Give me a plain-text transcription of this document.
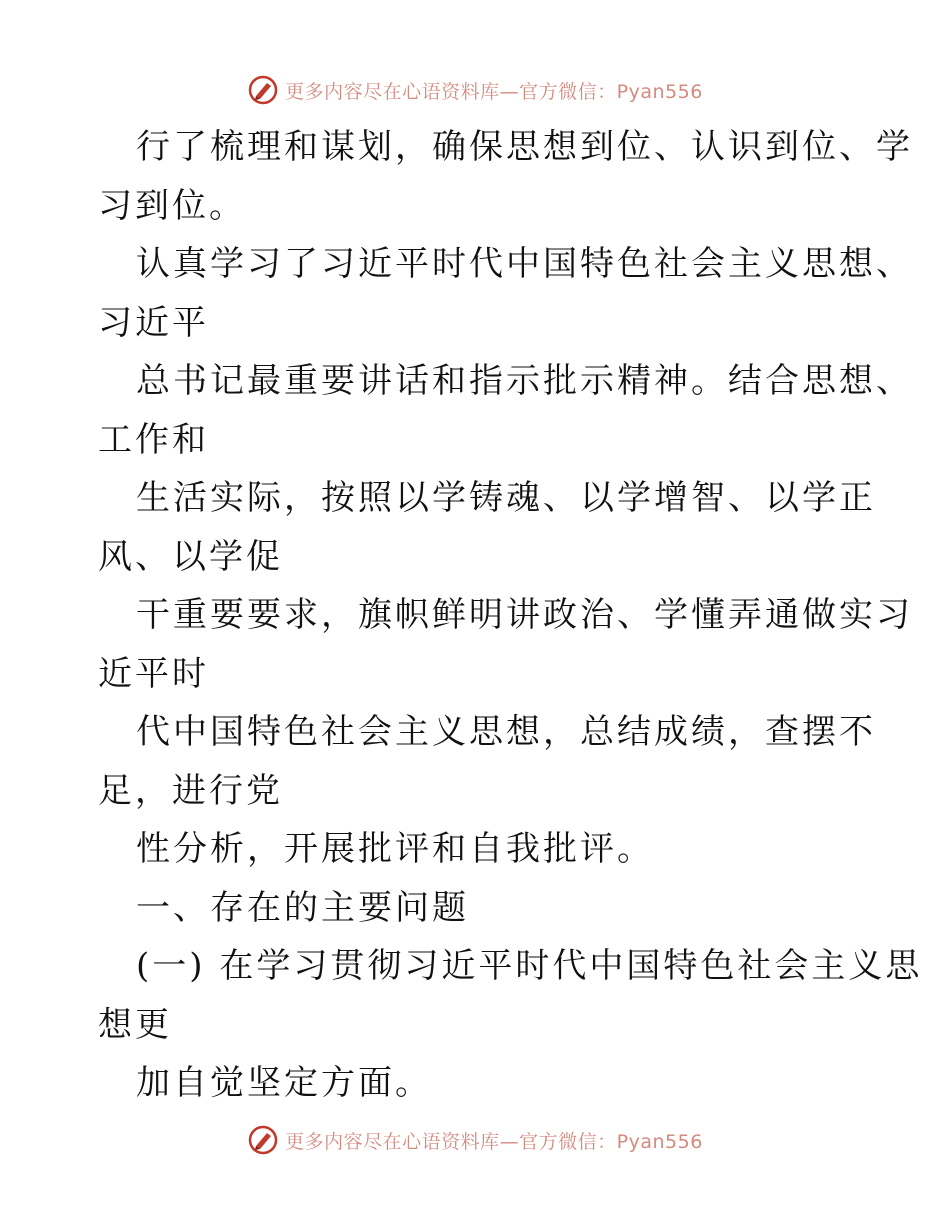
更多内容尽在心语资料库—官方微信：Pyan556
行了梳理和谋划，确保思想到位、认识到位、学
习到位。
认真学习了习近平时代中国特色社会主义思想、
习近平
总书记最重要讲话和指示批示精神。结合思想、
工作和
生活实际，按照以学铸魂、以学增智、以学正
风、以学促
干重要要求，旗帜鲜明讲政治、学懂弄通做实习
近平时
代中国特色社会主义思想，总结成绩，查摆不
足，进行党
性分析，开展批评和自我批评。
一、存在的主要问题
(一) 在学习贯彻习近平时代中国特色社会主义思
想更
加自觉坚定方面。
更多内容尽在心语资料库—官方微信：Pyan556
